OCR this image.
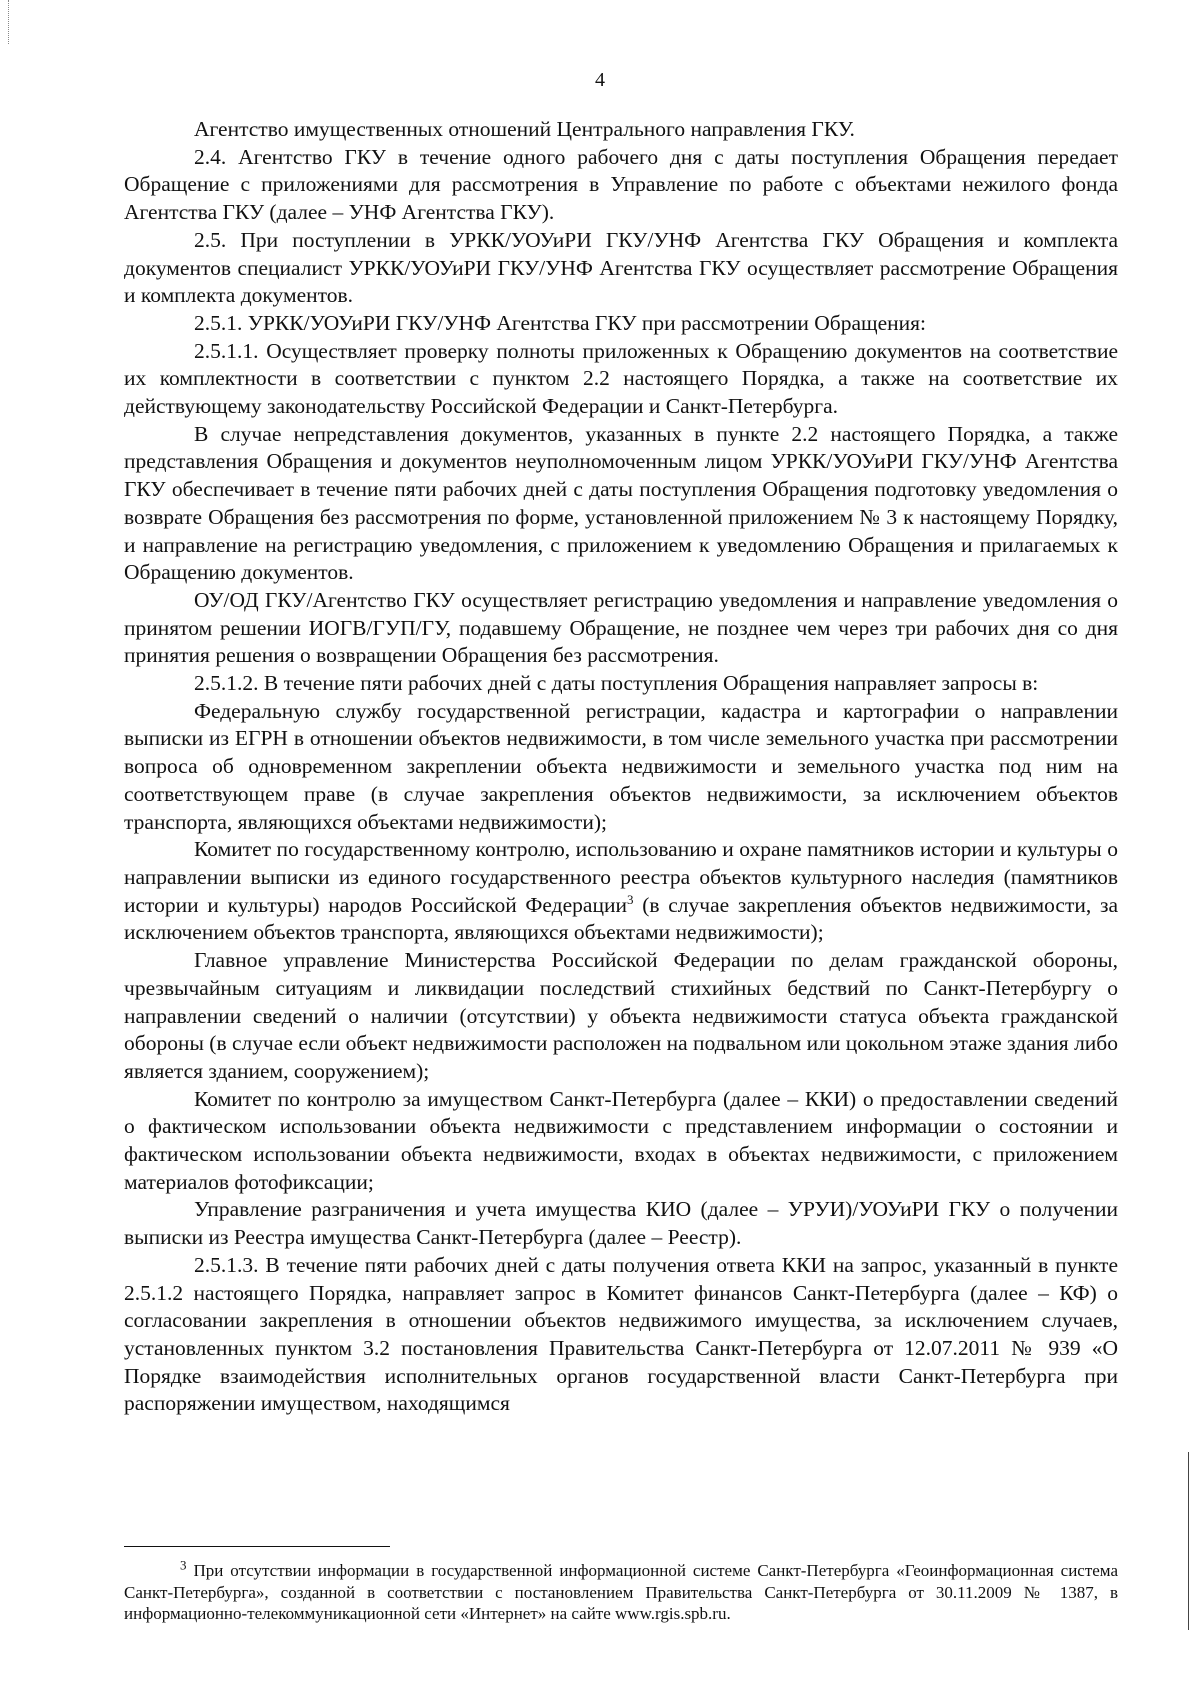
4

Агентство имущественных отношений Центрального направления ГКУ.

2.4. Агентство ГКУ в течение одного рабочего дня с даты поступления Обращения передает Обращение с приложениями для рассмотрения в Управление по работе с объектами нежилого фонда Агентства ГКУ (далее – УНФ Агентства ГКУ).

2.5. При поступлении в УРКК/УОУиРИ ГКУ/УНФ Агентства ГКУ Обращения и комплекта документов специалист УРКК/УОУиРИ ГКУ/УНФ Агентства ГКУ осуществляет рассмотрение Обращения и комплекта документов.

2.5.1. УРКК/УОУиРИ ГКУ/УНФ Агентства ГКУ при рассмотрении Обращения:

2.5.1.1. Осуществляет проверку полноты приложенных к Обращению документов на соответствие их комплектности в соответствии с пунктом 2.2 настоящего Порядка, а также на соответствие их действующему законодательству Российской Федерации и Санкт-Петербурга.

В случае непредставления документов, указанных в пункте 2.2 настоящего Порядка, а также представления Обращения и документов неуполномоченным лицом УРКК/УОУиРИ ГКУ/УНФ Агентства ГКУ обеспечивает в течение пяти рабочих дней с даты поступления Обращения подготовку уведомления о возврате Обращения без рассмотрения по форме, установленной приложением № 3 к настоящему Порядку, и направление на регистрацию уведомления, с приложением к уведомлению Обращения и прилагаемых к Обращению документов.

ОУ/ОД ГКУ/Агентство ГКУ осуществляет регистрацию уведомления и направление уведомления о принятом решении ИОГВ/ГУП/ГУ, подавшему Обращение, не позднее чем через три рабочих дня со дня принятия решения о возвращении Обращения без рассмотрения.

2.5.1.2. В течение пяти рабочих дней с даты поступления Обращения направляет запросы в:

Федеральную службу государственной регистрации, кадастра и картографии о направлении выписки из ЕГРН в отношении объектов недвижимости, в том числе земельного участка при рассмотрении вопроса об одновременном закреплении объекта недвижимости и земельного участка под ним на соответствующем праве (в случае закрепления объектов недвижимости, за исключением объектов транспорта, являющихся объектами недвижимости);

Комитет по государственному контролю, использованию и охране памятников истории и культуры о направлении выписки из единого государственного реестра объектов культурного наследия (памятников истории и культуры) народов Российской Федерации$^3$ (в случае закрепления объектов недвижимости, за исключением объектов транспорта, являющихся объектами недвижимости);

Главное управление Министерства Российской Федерации по делам гражданской обороны, чрезвычайным ситуациям и ликвидации последствий стихийных бедствий по Санкт-Петербургу о направлении сведений о наличии (отсутствии) у объекта недвижимости статуса объекта гражданской обороны (в случае если объект недвижимости расположен на подвальном или цокольном этаже здания либо является зданием, сооружением);

Комитет по контролю за имуществом Санкт-Петербурга (далее – ККИ) о предоставлении сведений о фактическом использовании объекта недвижимости с представлением информации о состоянии и фактическом использовании объекта недвижимости, входах в объектах недвижимости, с приложением материалов фотофиксации;

Управление разграничения и учета имущества КИО (далее – УРУИ)/УОУиРИ ГКУ о получении выписки из Реестра имущества Санкт-Петербурга (далее – Реестр).

2.5.1.3. В течение пяти рабочих дней с даты получения ответа ККИ на запрос, указанный в пункте 2.5.1.2 настоящего Порядка, направляет запрос в Комитет финансов Санкт-Петербурга (далее – КФ) о согласовании закрепления в отношении объектов недвижимого имущества, за исключением случаев, установленных пунктом 3.2 постановления Правительства Санкт-Петербурга от 12.07.2011 № 939 «О Порядке взаимодействия исполнительных органов государственной власти Санкт-Петербурга при распоряжении имуществом, находящимся

$^3$ При отсутствии информации в государственной информационной системе Санкт-Петербурга «Геоинформационная система Санкт-Петербурга», созданной в соответствии с постановлением Правительства Санкт-Петербурга от 30.11.2009 № 1387, в информационно-телекоммуникационной сети «Интернет» на сайте www.rgis.spb.ru.
